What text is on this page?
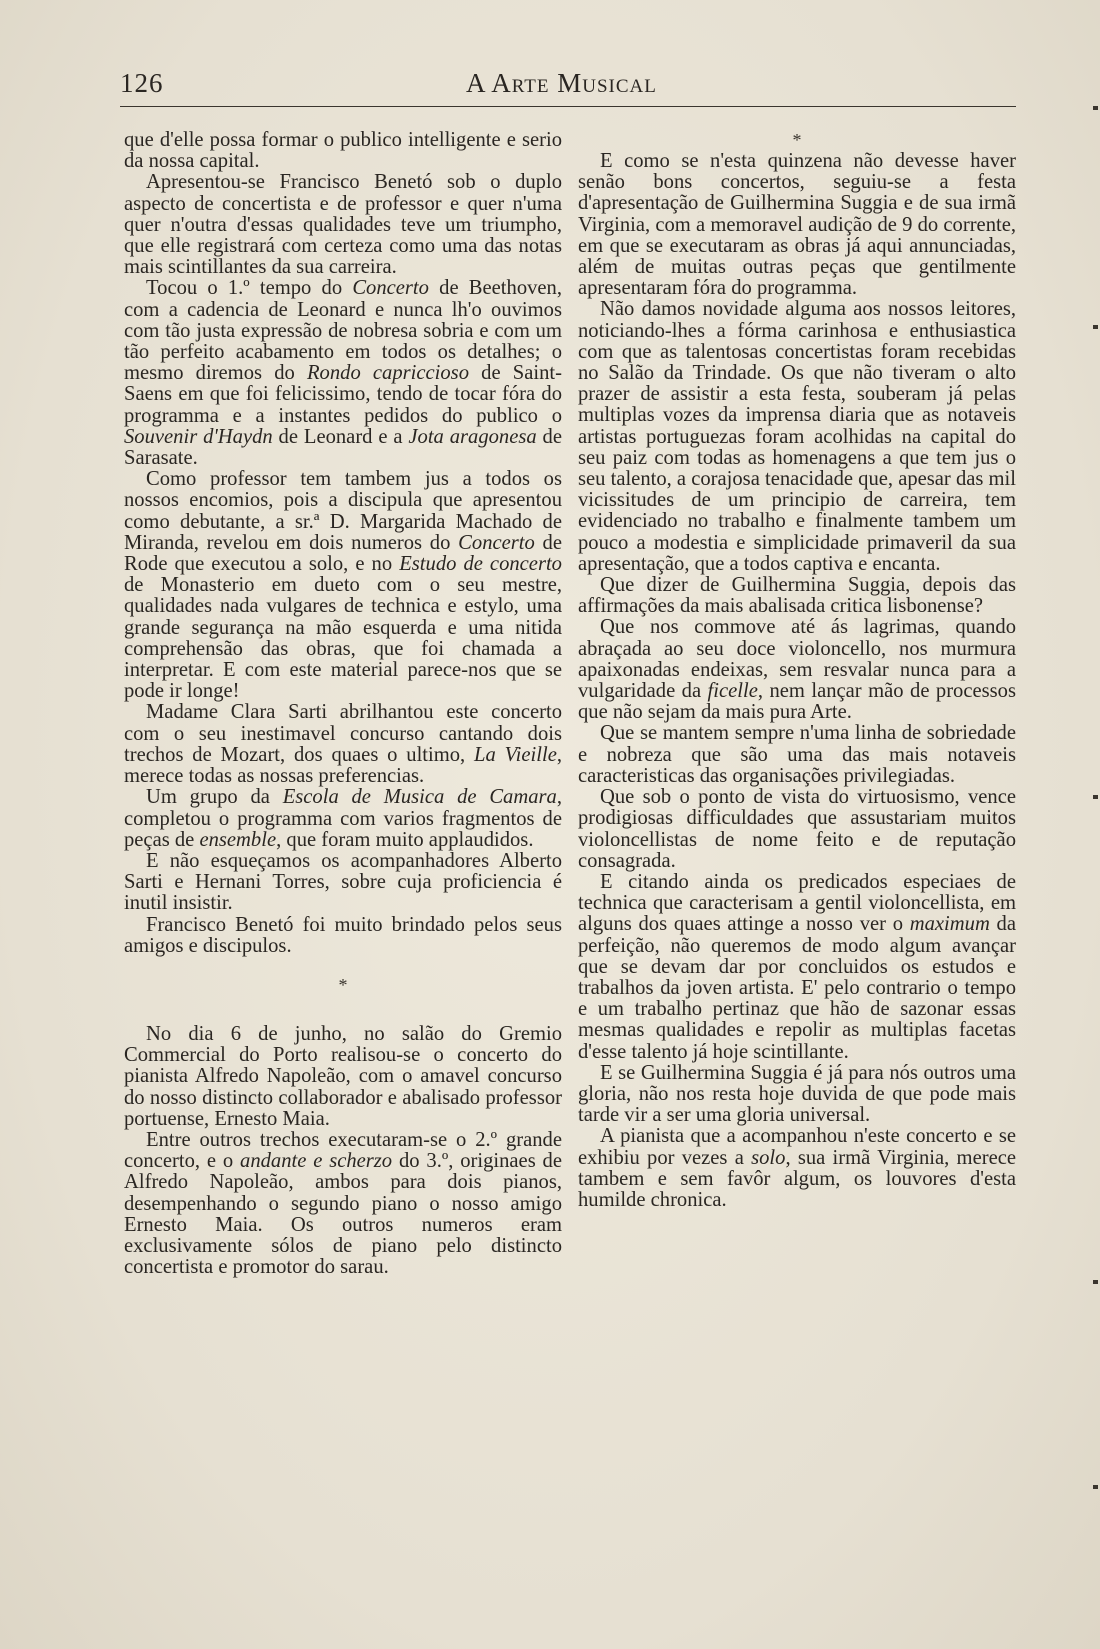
126	A Arte Musical

que d'elle possa formar o publico intelligente e serio da nossa capital.

Apresentou-se Francisco Benetó sob o duplo aspecto de concertista e de professor e quer n'uma quer n'outra d'essas qualidades teve um triumpho, que elle registrará com certeza como uma das notas mais scintillantes da sua carreira.

Tocou o 1.º tempo do Concerto de Beethoven, com a cadencia de Leonard e nunca lh'o ouvimos com tão justa expressão de nobresa sobria e com um tão perfeito acabamento em todos os detalhes; o mesmo diremos do Rondo capriccioso de Saint-Saens em que foi felicissimo, tendo de tocar fóra do programma e a instantes pedidos do publico o Souvenir d'Haydn de Leonard e a Jota aragonesa de Sarasate.

Como professor tem tambem jus a todos os nossos encomios, pois a discipula que apresentou como debutante, a sr.ª D. Margarida Machado de Miranda, revelou em dois numeros do Concerto de Rode que executou a solo, e no Estudo de concerto de Monasterio em dueto com o seu mestre, qualidades nada vulgares de technica e estylo, uma grande segurança na mão esquerda e uma nitida comprehensão das obras, que foi chamada a interpretar. E com este material parece-nos que se pode ir longe!

Madame Clara Sarti abrilhantou este concerto com o seu inestimavel concurso cantando dois trechos de Mozart, dos quaes o ultimo, La Vieille, merece todas as nossas preferencias.

Um grupo da Escola de Musica de Camara, completou o programma com varios fragmentos de peças de ensemble, que foram muito applaudidos.

E não esqueçamos os acompanhadores Alberto Sarti e Hernani Torres, sobre cuja proficiencia é inutil insistir.

Francisco Benetó foi muito brindado pelos seus amigos e discipulos.

*

No dia 6 de junho, no salão do Gremio Commercial do Porto realisou-se o concerto do pianista Alfredo Napoleão, com o amavel concurso do nosso distincto collaborador e abalisado professor portuense, Ernesto Maia.

Entre outros trechos executaram-se o 2.º grande concerto, e o andante e scherzo do 3.º, originaes de Alfredo Napoleão, ambos para dois pianos, desempenhando o segundo piano o nosso amigo Ernesto Maia. Os outros numeros eram exclusivamente sólos de piano pelo distincto concertista e promotor do sarau.

*

E como se n'esta quinzena não devesse haver senão bons concertos, seguiu-se a festa d'apresentação de Guilhermina Suggia e de sua irmã Virginia, com a memoravel audição de 9 do corrente, em que se executaram as obras já aqui annunciadas, além de muitas outras peças que gentilmente apresentaram fóra do programma.

Não damos novidade alguma aos nossos leitores, noticiando-lhes a fórma carinhosa e enthusiastica com que as talentosas concertistas foram recebidas no Salão da Trindade. Os que não tiveram o alto prazer de assistir a esta festa, souberam já pelas multiplas vozes da imprensa diaria que as notaveis artistas portuguezas foram acolhidas na capital do seu paiz com todas as homenagens a que tem jus o seu talento, a corajosa tenacidade que, apesar das mil vicissitudes de um principio de carreira, tem evidenciado no trabalho e finalmente tambem um pouco a modestia e simplicidade primaveril da sua apresentação, que a todos captiva e encanta.

Que dizer de Guilhermina Suggia, depois das affirmações da mais abalisada critica lisbonense?

Que nos commove até ás lagrimas, quando abraçada ao seu doce violoncello, nos murmura apaixonadas endeixas, sem resvalar nunca para a vulgaridade da ficelle, nem lançar mão de processos que não sejam da mais pura Arte.

Que se mantem sempre n'uma linha de sobriedade e nobreza que são uma das mais notaveis caracteristicas das organisações privilegiadas.

Que sob o ponto de vista do virtuosismo, vence prodigiosas difficuldades que assustariam muitos violoncellistas de nome feito e de reputação consagrada.

E citando ainda os predicados especiaes de technica que caracterisam a gentil violoncellista, em alguns dos quaes attinge a nosso ver o maximum da perfeição, não queremos de modo algum avançar que se devam dar por concluidos os estudos e trabalhos da joven artista. E' pelo contrario o tempo e um trabalho pertinaz que hão de sazonar essas mesmas qualidades e repolir as multiplas facetas d'esse talento já hoje scintillante.

E se Guilhermina Suggia é já para nós outros uma gloria, não nos resta hoje duvida de que pode mais tarde vir a ser uma gloria universal.

A pianista que a acompanhou n'este concerto e se exhibiu por vezes a solo, sua irmã Virginia, merece tambem e sem favôr algum, os louvores d'esta humilde chronica.
